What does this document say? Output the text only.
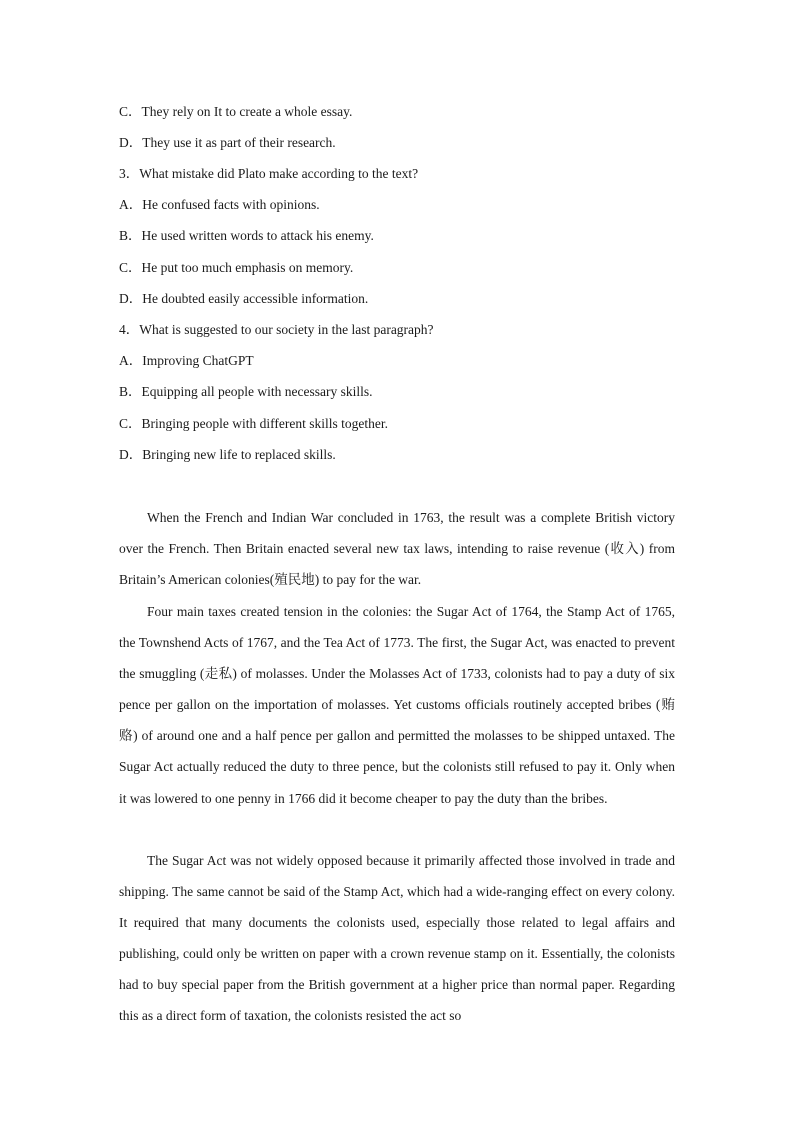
C．They rely on It to create a whole essay.
D．They use it as part of their research.
3．What mistake did Plato make according to the text?
A．He confused facts with opinions.
B．He used written words to attack his enemy.
C．He put too much emphasis on memory.
D．He doubted easily accessible information.
4．What is suggested to our society in the last paragraph?
A．Improving ChatGPT
B．Equipping all people with necessary skills.
C．Bringing people with different skills together.
D．Bringing new life to replaced skills.

When the French and Indian War concluded in 1763, the result was a complete British victory over the French. Then Britain enacted several new tax laws, intending to raise revenue (收入) from Britain’s American colonies(殖民地) to pay for the war.

Four main taxes created tension in the colonies: the Sugar Act of 1764, the Stamp Act of 1765, the Townshend Acts of 1767, and the Tea Act of 1773. The first, the Sugar Act, was enacted to prevent the smuggling (走私) of molasses. Under the Molasses Act of 1733, colonists had to pay a duty of six pence per gallon on the importation of molasses. Yet customs officials routinely accepted bribes (贿赂) of around one and a half pence per gallon and permitted the molasses to be shipped untaxed. The Sugar Act actually reduced the duty to three pence, but the colonists still refused to pay it. Only when it was lowered to one penny in 1766 did it become cheaper to pay the duty than the bribes.

The Sugar Act was not widely opposed because it primarily affected those involved in trade and shipping. The same cannot be said of the Stamp Act, which had a wide-ranging effect on every colony. It required that many documents the colonists used, especially those related to legal affairs and publishing, could only be written on paper with a crown revenue stamp on it. Essentially, the colonists had to buy special paper from the British government at a higher price than normal paper. Regarding this as a direct form of taxation, the colonists resisted the act so
